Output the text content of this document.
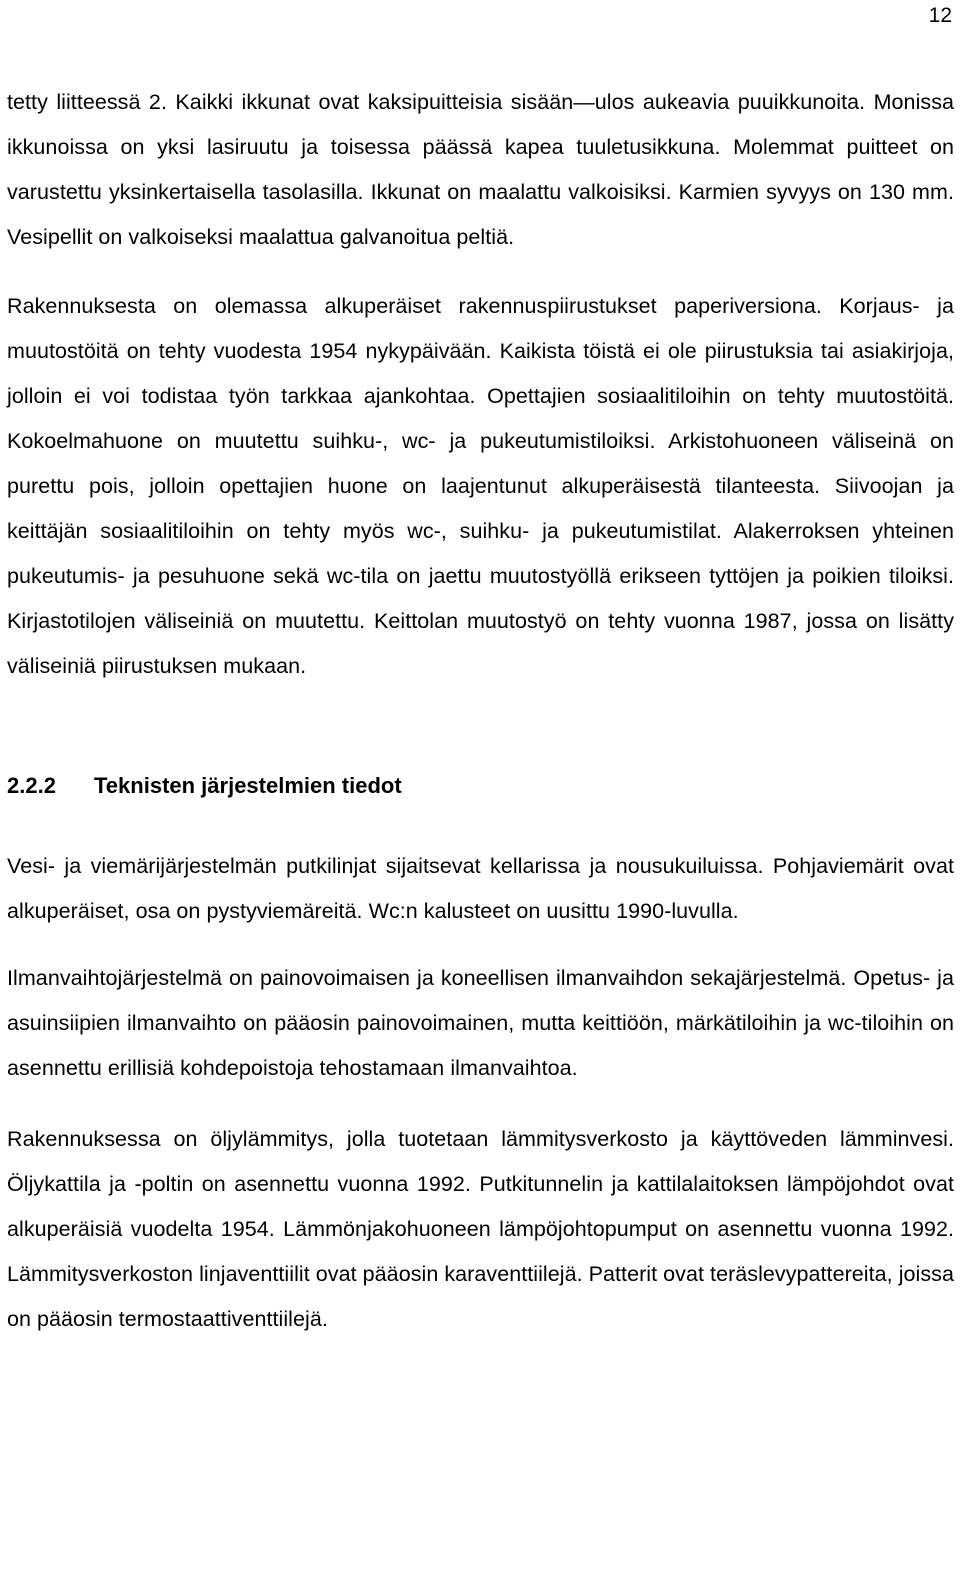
12

tetty liitteessä 2. Kaikki ikkunat ovat kaksipuitteisia sisään—ulos aukeavia puuikkunoita. Monissa ikkunoissa on yksi lasiruutu ja toisessa päässä kapea tuuletusikkuna. Molemmat puitteet on varustettu yksinkertaisella tasolasilla. Ikkunat on maalattu valkoisiksi. Karmien syvyys on 130 mm. Vesipellit on valkoiseksi maalattua galvanoitua peltiä.

Rakennuksesta on olemassa alkuperäiset rakennuspiirustukset paperiversiona. Korjaus- ja muutostöitä on tehty vuodesta 1954 nykypäivään. Kaikista töistä ei ole piirustuksia tai asiakirjoja, jolloin ei voi todistaa työn tarkkaa ajankohtaa. Opettajien sosiaalitiloihin on tehty muutostöitä. Kokoelmahuone on muutettu suihku-, wc- ja pukeutumistiloiksi. Arkistohuoneen väliseinä on purettu pois, jolloin opettajien huone on laajentunut alkuperäisestä tilanteesta. Siivoojan ja keittäjän sosiaalitiloihin on tehty myös wc-, suihku- ja pukeutumistilat. Alakerroksen yhteinen pukeutumis- ja pesuhuone sekä wc-tila on jaettu muutostyöllä erikseen tyttöjen ja poikien tiloiksi. Kirjastotilojen väliseiniä on muutettu. Keittolan muutostyö on tehty vuonna 1987, jossa on lisätty väliseiniä piirustuksen mukaan.

2.2.2	Teknisten järjestelmien tiedot

Vesi- ja viemärijärjestelmän putkilinjat sijaitsevat kellarissa ja nousukuiluissa. Pohjaviemärit ovat alkuperäiset, osa on pystyviemäreitä. Wc:n kalusteet on uusittu 1990-luvulla.

Ilmanvaihtojärjestelmä on painovoimaisen ja koneellisen ilmanvaihdon sekajärjestelmä. Opetus- ja asuinsiipien ilmanvaihto on pääosin painovoimainen, mutta keittiöön, märkätiloihin ja wc-tiloihin on asennettu erillisiä kohdepoistoja tehostamaan ilmanvaihtoa.

Rakennuksessa on öljylämmitys, jolla tuotetaan lämmitysverkosto ja käyttöveden lämminvesi. Öljykattila ja -poltin on asennettu vuonna 1992. Putkitunnelin ja kattilalaitoksen lämpöjohdot ovat alkuperäisiä vuodelta 1954. Lämmönjakohuoneen lämpöjohtopumput on asennettu vuonna 1992. Lämmitysverkoston linjaventtiilit ovat pääosin karaventtiilejä. Patterit ovat teräslevypattereita, joissa on pääosin termostaattiventtiilejä.
